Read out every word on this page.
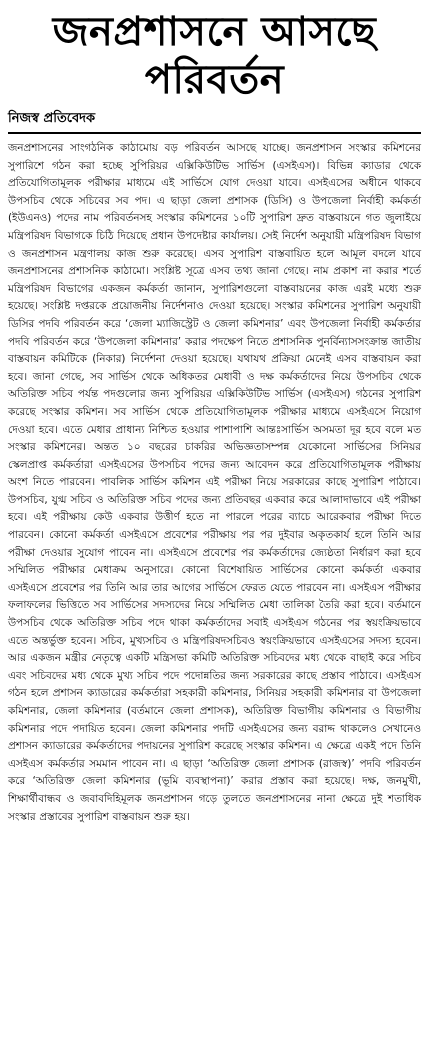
জনপ্রশাসনে আসছে
পরিবর্তন
নিজস্ব প্রতিবেদক

জনপ্রশাসনের সাংগঠনিক কাঠামোয় বড় পরিবর্তন আসছে যাচ্ছে। জনপ্রশাসন সংস্কার কমিশনের সুপারিশে গঠন করা হচ্ছে সুপিরিয়র এক্সিকিউটিভ সার্ভিস (এসইএস)। বিভিন্ন ক্যাডার থেকে প্রতিযোগিতামূলক পরীক্ষার মাধ্যমে এই সার্ভিসে যোগ দেওয়া যাবে। এসইএসের অধীনে থাকবে উপসচিব থেকে সচিবের সব পদ। এ ছাড়া জেলা প্রশাসক (ডিসি) ও উপজেলা নির্বাহী কর্মকর্তা (ইউএনও) পদের নাম পরিবর্তনসহ সংস্কার কমিশনের ১০টি সুপারিশ দ্রুত বাস্তবায়নে গত জুলাইয়ে মন্ত্রিপরিষদ বিভাগকে চিঠি দিয়েছে প্রধান উপদেষ্টার কার্যালয়। সেই নির্দেশ অনুযায়ী মন্ত্রিপরিষদ বিভাগ ও জনপ্রশাসন মন্ত্রণালয় কাজ শুরু করেছে। এসব সুপারিশ বাস্তবায়িত হলে আমূল বদলে যাবে জনপ্রশাসনের প্রশাসনিক কাঠামো। সংশ্লিষ্ট সূত্রে এসব তথ্য জানা গেছে। নাম প্রকাশ না করার শর্তে মন্ত্রিপরিষদ বিভাগের একজন কর্মকর্তা জানান, সুপারিশগুলো বাস্তবায়নের কাজ এরই মধ্যে শুরু হয়েছে। সংশ্লিষ্ট দপ্তরকে প্রয়োজনীয় নির্দেশনাও দেওয়া হয়েছে। সংস্কার কমিশনের সুপারিশ অনুযায়ী ডিসির পদবি পরিবর্তন করে ‘জেলা ম্যাজিস্ট্রেট ও জেলা কমিশনার’ এবং উপজেলা নির্বাহী কর্মকর্তার পদবি পরিবর্তন করে ‘উপজেলা কমিশনার’ করার পদক্ষেপ নিতে প্রশাসনিক পুনর্বিন্যাসসংক্রান্ত জাতীয় বাস্তবায়ন কমিটিকে (নিকার) নির্দেশনা দেওয়া হয়েছে। যথাযথ প্রক্রিয়া মেনেই এসব বাস্তবায়ন করা হবে। জানা গেছে, সব সার্ভিস থেকে অধিকতর মেধাবী ও দক্ষ কর্মকর্তাদের নিয়ে উপসচিব থেকে অতিরিক্ত সচিব পর্যন্ত পদগুলোর জন্য সুপিরিয়র এক্সিকিউটিভ সার্ভিস (এসইএস) গঠনের সুপারিশ করেছে সংস্কার কমিশন। সব সার্ভিস থেকে প্রতিযোগিতামূলক পরীক্ষার মাধ্যমে এসইএসে নিয়োগ দেওয়া হবে। এতে মেধার প্রাধান্য নিশ্চিত হওয়ার পাশাপাশি আন্তঃসার্ভিস অসমতা দূর হবে বলে মত সংস্কার কমিশনের। অন্তত ১০ বছরের চাকরির অভিজ্ঞতাসম্পন্ন যেকোনো সার্ভিসের সিনিয়র স্কেলপ্রাপ্ত কর্মকর্তারা এসইএসের উপসচিব পদের জন্য আবেদন করে প্রতিযোগিতামূলক পরীক্ষায় অংশ নিতে পারবেন। পাবলিক সার্ভিস কমিশন এই পরীক্ষা নিয়ে সরকারের কাছে সুপারিশ পাঠাবে। উপসচিব, যুগ্ম সচিব ও অতিরিক্ত সচিব পদের জন্য প্রতিবছর একবার করে আলাদাভাবে এই পরীক্ষা হবে। এই পরীক্ষায় কেউ একবার উত্তীর্ণ হতে না পারলে পরের ব্যাচে আরেকবার পরীক্ষা দিতে পারবেন। কোনো কর্মকর্তা এসইএসে প্রবেশের পরীক্ষায় পর পর দুইবার অকৃতকার্য হলে তিনি আর পরীক্ষা দেওয়ার সুযোগ পাবেন না। এসইএসে প্রবেশের পর কর্মকর্তাদের জ্যেষ্ঠতা নির্ধারণ করা হবে সম্মিলিত পরীক্ষার মেধাক্রম অনুসারে। কোনো বিশেষায়িত সার্ভিসের কোনো কর্মকর্তা একবার এসইএসে প্রবেশের পর তিনি আর তার আগের সার্ভিসে ফেরত যেতে পারবেন না। এসইএস পরীক্ষার ফলাফলের ভিত্তিতে সব সার্ভিসের সদস্যদের নিয়ে সম্মিলিত মেধা তালিকা তৈরি করা হবে। বর্তমানে উপসচিব থেকে অতিরিক্ত সচিব পদে থাকা কর্মকর্তাদের সবাই এসইএস গঠনের পর স্বয়ংক্রিয়ভাবে এতে অন্তর্ভুক্ত হবেন। সচিব, মুখ্যসচিব ও মন্ত্রিপরিষদসচিবও স্বয়ংক্রিয়ভাবে এসইএসের সদস্য হবেন। আর একজন মন্ত্রীর নেতৃত্বে একটি মন্ত্রিসভা কমিটি অতিরিক্ত সচিবদের মধ্য থেকে বাছাই করে সচিব এবং সচিবদের মধ্য থেকে মুখ্য সচিব পদে পদোন্নতির জন্য সরকারের কাছে প্রস্তাব পাঠাবে। এসইএস গঠন হলে প্রশাসন ক্যাডারের কর্মকর্তারা সহকারী কমিশনার, সিনিয়র সহকারী কমিশনার বা উপজেলা কমিশনার, জেলা কমিশনার (বর্তমানে জেলা প্রশাসক), অতিরিক্ত বিভাগীয় কমিশনার ও বিভাগীয় কমিশনার পদে পদায়িত হবেন। জেলা কমিশনার পদটি এসইএসের জন্য বরাদ্দ থাকলেও সেখানেও প্রশাসন ক্যাডারের কর্মকর্তাদের পদায়নের সুপারিশ করেছে সংস্কার কমিশন। এ ক্ষেত্রে একই পদে তিনি এসইএস কর্মকর্তার সমমান পাবেন না। এ ছাড়া ‘অতিরিক্ত জেলা প্রশাসক (রাজস্ব)’ পদবি পরিবর্তন করে ‘অতিরিক্ত জেলা কমিশনার (ভূমি ব্যবস্থাপনা)’ করার প্রস্তাব করা হয়েছে। দক্ষ, জনমুখী, শিক্ষার্থীবান্ধব ও জবাবদিহিমূলক জনপ্রশাসন গড়ে তুলতে জনপ্রশাসনের নানা ক্ষেত্রে দুই শতাধিক সংস্কার প্রস্তাবের সুপারিশ বাস্তবায়ন শুরু হয়।
